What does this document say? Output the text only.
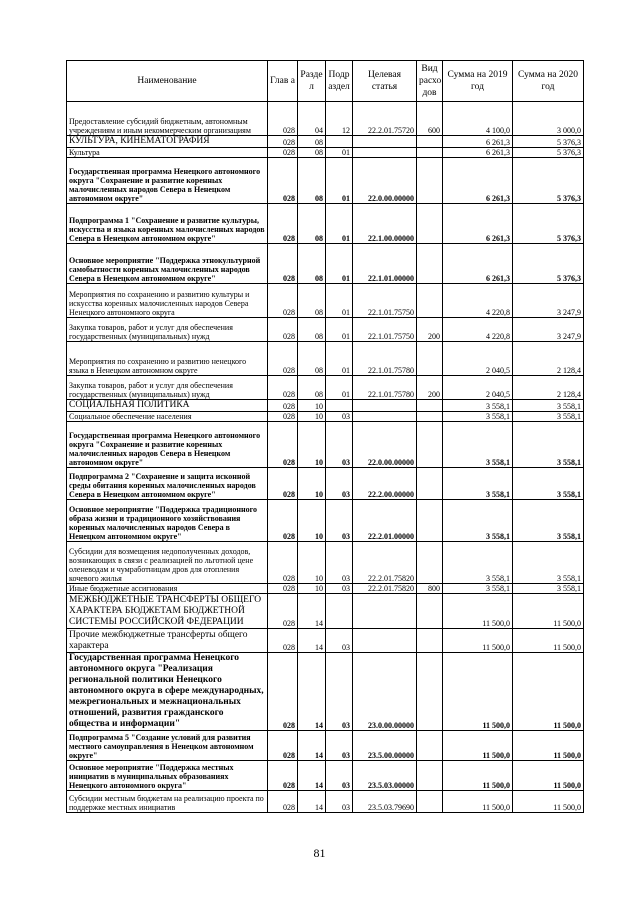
Наименование	Глав а	Разде л	Подр аздел	Целевая статья	Вид расхо дов	Сумма на 2019 год	Сумма на 2020 год
Предоставление субсидий бюджетным, автономным учреждениям и иным некоммерческим организациям	028	04	12	22.2.01.75720	600	4 100,0	3 000,0
КУЛЬТУРА, КИНЕМАТОГРАФИЯ	028	08				6 261,3	5 376,3
Культура	028	08	01			6 261,3	5 376,3
Государственная программа Ненецкого автономного округа "Сохранение и развитие коренных малочисленных народов Севера в Ненецком автономном округе"	028	08	01	22.0.00.00000		6 261,3	5 376,3
Подпрограмма 1 "Сохранение и развитие культуры, искусства и языка коренных малочисленных народов Севера в Ненецком автономном округе"	028	08	01	22.1.00.00000		6 261,3	5 376,3
Основное мероприятие "Поддержка этнокультурной самобытности коренных малочисленных народов Севера в Ненецком автономном округе"	028	08	01	22.1.01.00000		6 261,3	5 376,3
Мероприятия по сохранению и развитию культуры и искусства коренных малочисленных народов Севера Ненецкого автономного округа	028	08	01	22.1.01.75750		4 220,8	3 247,9
Закупка товаров, работ и услуг для обеспечения государственных (муниципальных) нужд	028	08	01	22.1.01.75750	200	4 220,8	3 247,9
Мероприятия по сохранению и развитию ненецкого языка в Ненецком автономном округе	028	08	01	22.1.01.75780		2 040,5	2 128,4
Закупка товаров, работ и услуг для обеспечения государственных (муниципальных) нужд	028	08	01	22.1.01.75780	200	2 040,5	2 128,4
СОЦИАЛЬНАЯ ПОЛИТИКА	028	10				3 558,1	3 558,1
Социальное обеспечение населения	028	10	03			3 558,1	3 558,1
Государственная программа Ненецкого автономного округа "Сохранение и развитие коренных малочисленных народов Севера в Ненецком автономном округе"	028	10	03	22.0.00.00000		3 558,1	3 558,1
Подпрограмма 2 "Сохранение и защита исконной среды обитания коренных малочисленных народов Севера в Ненецком автономном округе"	028	10	03	22.2.00.00000		3 558,1	3 558,1
Основное мероприятие "Поддержка традиционного образа жизни и традиционного хозяйствования коренных малочисленных народов Севера в Ненецком автономном округе"	028	10	03	22.2.01.00000		3 558,1	3 558,1
Субсидии для возмещения недополученных доходов, возникающих в связи с реализацией по льготной цене оленеводам и чумработницам дров для отопления кочевого жилья	028	10	03	22.2.01.75820		3 558,1	3 558,1
Иные бюджетные ассигнования	028	10	03	22.2.01.75820	800	3 558,1	3 558,1
МЕЖБЮДЖЕТНЫЕ ТРАНСФЕРТЫ ОБЩЕГО ХАРАКТЕРА БЮДЖЕТАМ БЮДЖЕТНОЙ СИСТЕМЫ РОССИЙСКОЙ ФЕДЕРАЦИИ	028	14				11 500,0	11 500,0
Прочие межбюджетные трансферты общего характера	028	14	03			11 500,0	11 500,0
Государственная программа Ненецкого автономного округа "Реализация региональной политики Ненецкого автономного округа в сфере международных, межрегиональных и межнациональных отношений, развития гражданского общества и информации"	028	14	03	23.0.00.00000		11 500,0	11 500,0
Подпрограмма 5 "Создание условий для развития местного самоуправления в Ненецком автономном округе"	028	14	03	23.5.00.00000		11 500,0	11 500,0
Основное мероприятие "Поддержка местных инициатив в муниципальных образованиях Ненецкого автономного округа"	028	14	03	23.5.03.00000		11 500,0	11 500,0
Субсидии местным бюджетам на реализацию проекта по поддержке местных инициатив	028	14	03	23.5.03.79690		11 500,0	11 500,0
81
